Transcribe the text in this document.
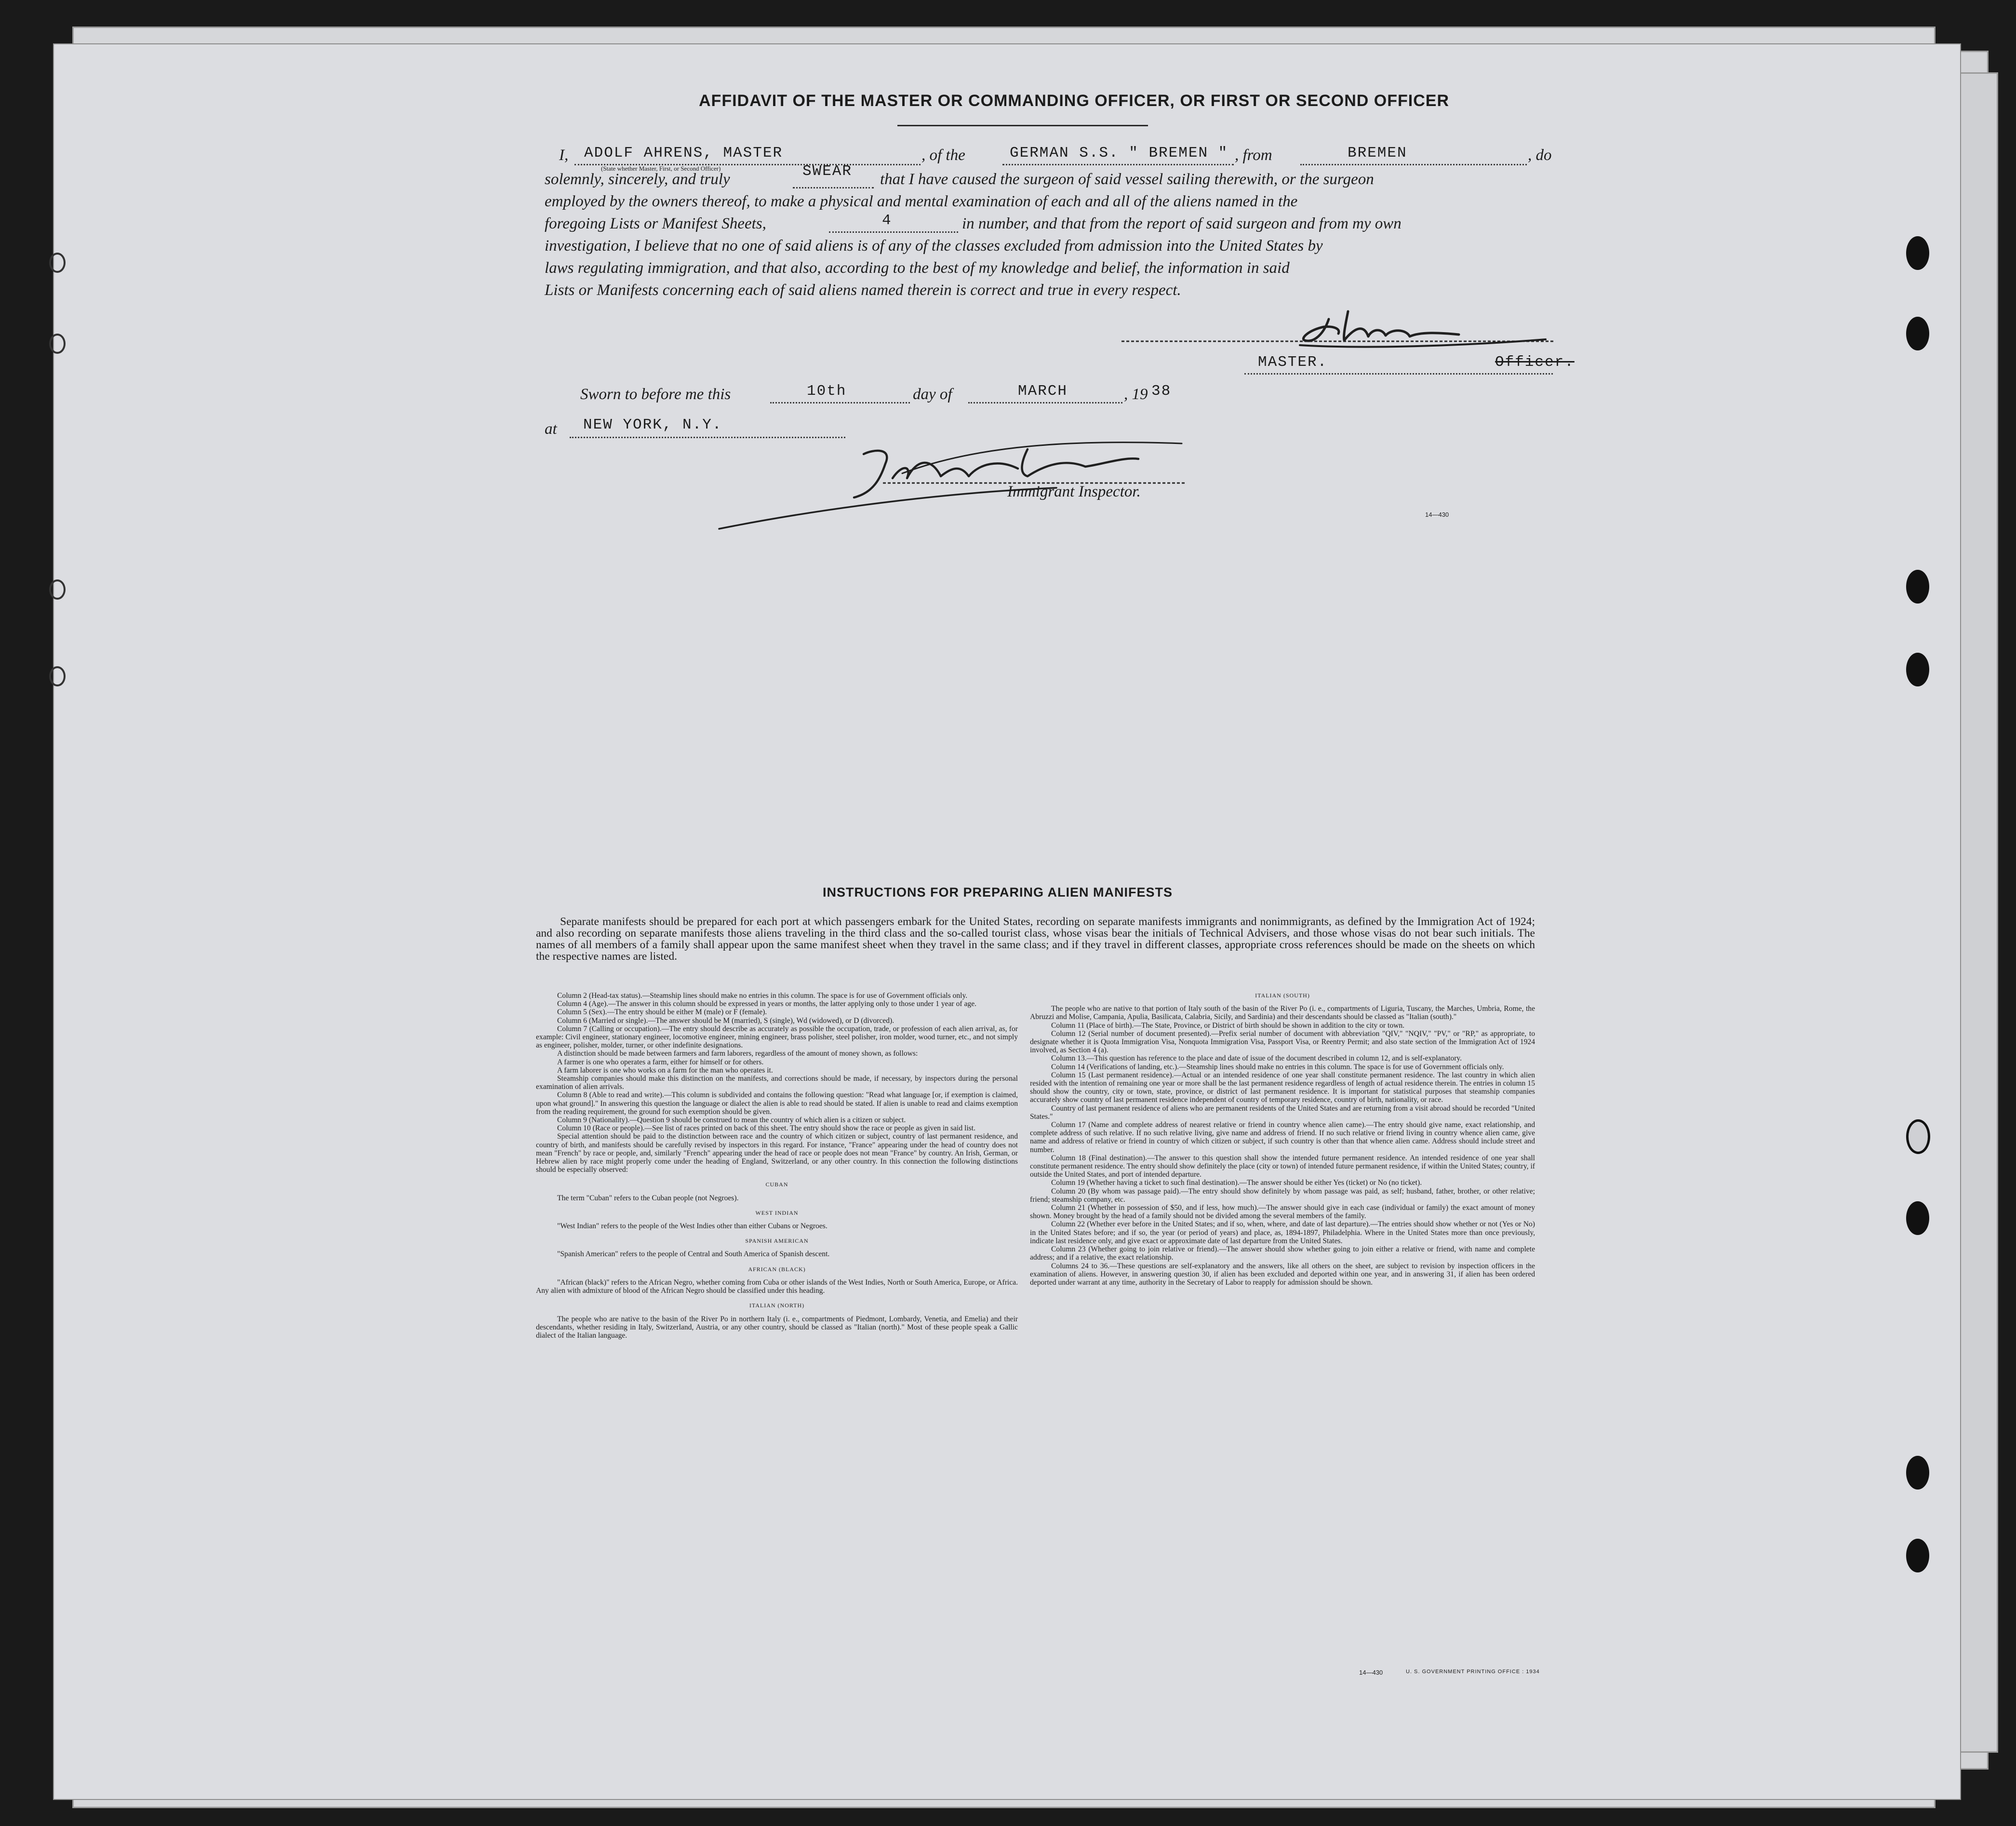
AFFIDAVIT OF THE MASTER OR COMMANDING OFFICER, OR FIRST OR SECOND OFFICER
I, ADOLF AHRENS, MASTER	, of the	GERMAN S.S. " BREMEN " , from	BREMEN	, do
(State whether Master, First, or Second Officer)
solemnly, sincerely, and truly	SWEAR that I have caused the surgeon of said vessel sailing therewith, or the surgeon
employed by the owners thereof, to make a physical and mental examination of each and all of the aliens named in the
foregoing Lists or Manifest Sheets,	4	in number, and that from the report of said surgeon and from my own
investigation, I believe that no one of said aliens is of any of the classes excluded from admission into the United States by
laws regulating immigration, and that also, according to the best of my knowledge and belief, the information in said
Lists or Manifests concerning each of said aliens named therein is correct and true in every respect.
MASTER.	Officer.
Sworn to before me this	10th	day of	MARCH	, 19 38
at NEW YORK, N.Y.
Immigrant Inspector.
14—430
INSTRUCTIONS FOR PREPARING ALIEN MANIFESTS

Separate manifests should be prepared for each port at which passengers embark for the United States, recording on separate manifests immigrants and nonimmigrants, as defined by the Immigration Act of 1924; and also recording on separate manifests those aliens traveling in the third class and the so-called tourist class, whose visas bear the initials of Technical Advisers, and those whose visas do not bear such initials. The names of all members of a family shall appear upon the same manifest sheet when they travel in the same class; and if they travel in different classes, appropriate cross references should be made on the sheets on which the respective names are listed.

Column 2 (Head-tax status).—Steamship lines should make no entries in this column. The space is for use of Government officials only.

Column 4 (Age).—The answer in this column should be expressed in years or months, the latter applying only to those under 1 year of age.

Column 5 (Sex).—The entry should be either M (male) or F (female).

Column 6 (Married or single).—The answer should be M (married), S (single), Wd (widowed), or D (divorced).

Column 7 (Calling or occupation).—The entry should describe as accurately as possible the occupation, trade, or profession of each alien arrival, as, for example: Civil engineer, stationary engineer, locomotive engineer, mining engineer, brass polisher, steel polisher, iron molder, wood turner, etc., and not simply as engineer, polisher, molder, turner, or other indefinite designations.

A distinction should be made between farmers and farm laborers, regardless of the amount of money shown, as follows:

A farmer is one who operates a farm, either for himself or for others.

A farm laborer is one who works on a farm for the man who operates it.

Steamship companies should make this distinction on the manifests, and corrections should be made, if necessary, by inspectors during the personal examination of alien arrivals.

Column 8 (Able to read and write).—This column is subdivided and contains the following question: "Read what language [or, if exemption is claimed, upon what ground]." In answering this question the language or dialect the alien is able to read should be stated. If alien is unable to read and claims exemption from the reading requirement, the ground for such exemption should be given.

Column 9 (Nationality).—Question 9 should be construed to mean the country of which alien is a citizen or subject.

Column 10 (Race or people).—See list of races printed on back of this sheet. The entry should show the race or people as given in said list.

Special attention should be paid to the distinction between race and the country of which citizen or subject, country of last permanent residence, and country of birth, and manifests should be carefully revised by inspectors in this regard. For instance, "France" appearing under the head of country does not mean "French" by race or people, and, similarly "French" appearing under the head of race or people does not mean "France" by country. An Irish, German, or Hebrew alien by race might properly come under the heading of England, Switzerland, or any other country. In this connection the following distinctions should be especially observed:

CUBAN

The term "Cuban" refers to the Cuban people (not Negroes).

WEST INDIAN

"West Indian" refers to the people of the West Indies other than either Cubans or Negroes.

SPANISH AMERICAN

"Spanish American" refers to the people of Central and South America of Spanish descent.

AFRICAN (BLACK)

"African (black)" refers to the African Negro, whether coming from Cuba or other islands of the West Indies, North or South America, Europe, or Africa. Any alien with admixture of blood of the African Negro should be classified under this heading.

ITALIAN (NORTH)

The people who are native to the basin of the River Po in northern Italy (i. e., compartments of Piedmont, Lombardy, Venetia, and Emelia) and their descendants, whether residing in Italy, Switzerland, Austria, or any other country, should be classed as "Italian (north)." Most of these people speak a Gallic dialect of the Italian language.

ITALIAN (SOUTH)

The people who are native to that portion of Italy south of the basin of the River Po (i. e., compartments of Liguria, Tuscany, the Marches, Umbria, Rome, the Abruzzi and Molise, Campania, Apulia, Basilicata, Calabria, Sicily, and Sardinia) and their descendants should be classed as "Italian (south)."

Column 11 (Place of birth).—The State, Province, or District of birth should be shown in addition to the city or town.

Column 12 (Serial number of document presented).—Prefix serial number of document with abbreviation "QIV," "NQIV," "PV," or "RP," as appropriate, to designate whether it is Quota Immigration Visa, Nonquota Immigration Visa, Passport Visa, or Reentry Permit; and also state section of the Immigration Act of 1924 involved, as Section 4 (a).

Column 13.—This question has reference to the place and date of issue of the document described in column 12, and is self-explanatory.

Column 14 (Verifications of landing, etc.).—Steamship lines should make no entries in this column. The space is for use of Government officials only.

Column 15 (Last permanent residence).—Actual or an intended residence of one year shall constitute permanent residence. The last country in which alien resided with the intention of remaining one year or more shall be the last permanent residence regardless of length of actual residence therein. The entries in column 15 should show the country, city or town, state, province, or district of last permanent residence. It is important for statistical purposes that steamship companies accurately show country of last permanent residence independent of country of temporary residence, country of birth, nationality, or race.

Country of last permanent residence of aliens who are permanent residents of the United States and are returning from a visit abroad should be recorded "United States."

Column 17 (Name and complete address of nearest relative or friend in country whence alien came).—The entry should give name, exact relationship, and complete address of such relative. If no such relative living, give name and address of friend. If no such relative or friend living in country whence alien came, give name and address of relative or friend in country of which citizen or subject, if such country is other than that whence alien came. Address should include street and number.

Column 18 (Final destination).—The answer to this question shall show the intended future permanent residence. An intended residence of one year shall constitute permanent residence. The entry should show definitely the place (city or town) of intended future permanent residence, if within the United States; country, if outside the United States, and port of intended departure.

Column 19 (Whether having a ticket to such final destination).—The answer should be either Yes (ticket) or No (no ticket).

Column 20 (By whom was passage paid).—The entry should show definitely by whom passage was paid, as self; husband, father, brother, or other relative; friend; steamship company, etc.

Column 21 (Whether in possession of $50, and if less, how much).—The answer should give in each case (individual or family) the exact amount of money shown. Money brought by the head of a family should not be divided among the several members of the family.

Column 22 (Whether ever before in the United States; and if so, when, where, and date of last departure).—The entries should show whether or not (Yes or No) in the United States before; and if so, the year (or period of years) and place, as, 1894-1897, Philadelphia. Where in the United States more than once previously, indicate last residence only, and give exact or approximate date of last departure from the United States.

Column 23 (Whether going to join relative or friend).—The answer should show whether going to join either a relative or friend, with name and complete address; and if a relative, the exact relationship.

Columns 24 to 36.—These questions are self-explanatory and the answers, like all others on the sheet, are subject to revision by inspection officers in the examination of aliens. However, in answering question 30, if alien has been excluded and deported within one year, and in answering 31, if alien has been ordered deported under warrant at any time, authority in the Secretary of Labor to reapply for admission should be shown.

14—430	U. S. GOVERNMENT PRINTING OFFICE : 1934
